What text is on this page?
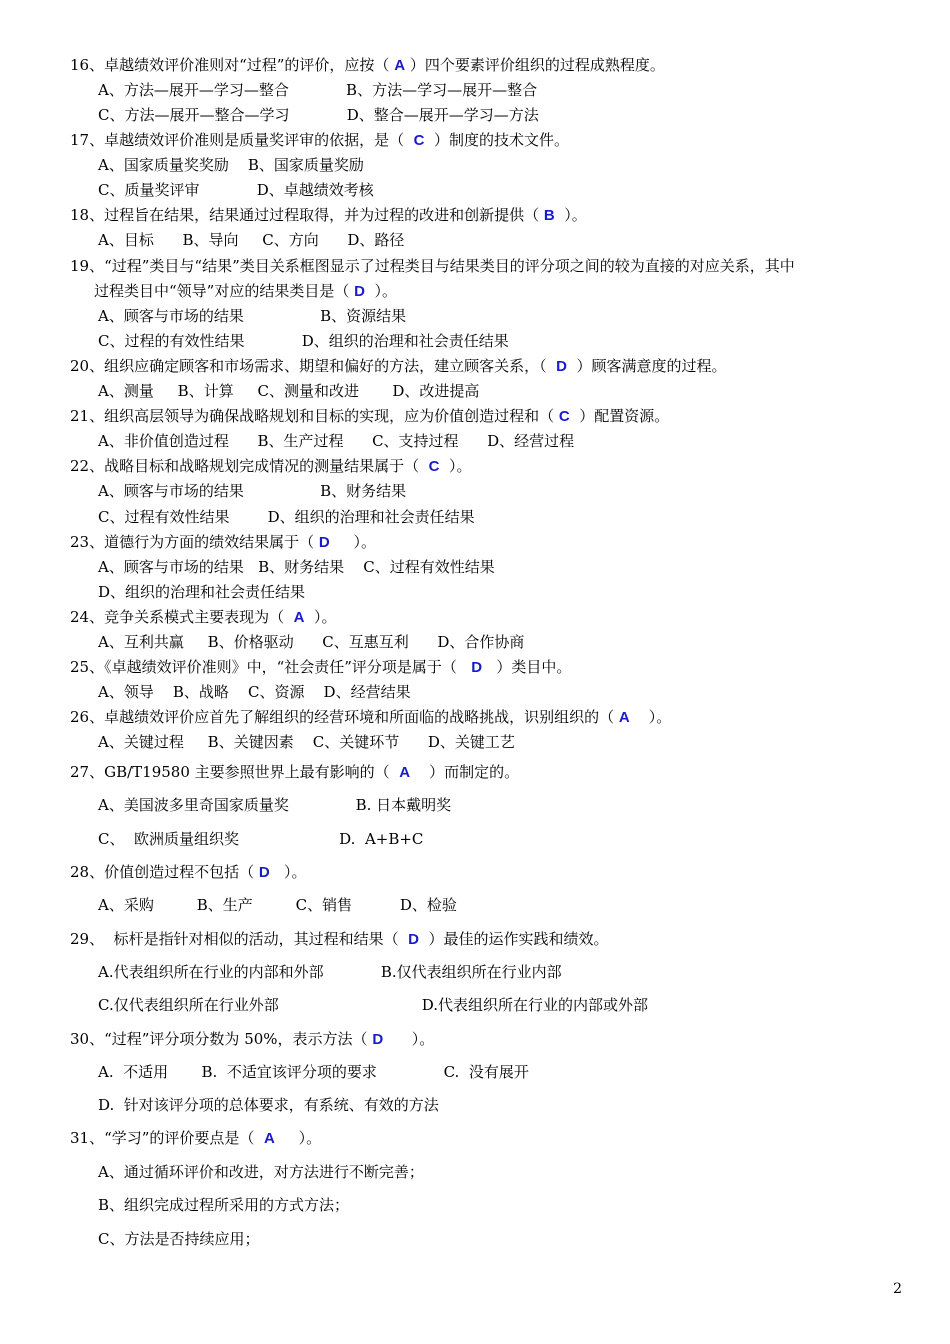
16、卓越绩效评价准则对“过程”的评价，应按（ A ）四个要素评价组织的过程成熟程度。
A、方法—展开—学习—整合            B、方法—学习—展开—整合
C、方法—展开—整合—学习            D、整合—展开—学习—方法
17、卓越绩效评价准则是质量奖评审的依据，是（  C  ）制度的技术文件。
A、国家质量奖奖励    B、国家质量奖励
C、质量奖评审            D、卓越绩效考核
18、过程旨在结果，结果通过过程取得，并为过程的改进和创新提供（ B  ）。
A、目标      B、导向     C、方向      D、路径
19、“过程”类目与“结果”类目关系框图显示了过程类目与结果类目的评分项之间的较为直接的对应关系，其中
过程类目中“领导”对应的结果类目是（ D  ）。
A、顾客与市场的结果                B、资源结果
C、过程的有效性结果            D、组织的治理和社会责任结果
20、组织应确定顾客和市场需求、期望和偏好的方法，建立顾客关系，（  D  ）顾客满意度的过程。
A、测量     B、计算     C、测量和改进       D、改进提高
21、组织高层领导为确保战略规划和目标的实现，应为价值创造过程和（ C  ）配置资源。
A、非价值创造过程      B、生产过程      C、支持过程      D、经营过程
22、战略目标和战略规划完成情况的测量结果属于（  C  ）。
A、顾客与市场的结果                B、财务结果
C、过程有效性结果        D、组织的治理和社会责任结果
23、道德行为方面的绩效结果属于（ D     ）。
A、顾客与市场的结果   B、财务结果    C、过程有效性结果
D、组织的治理和社会责任结果
24、竞争关系模式主要表现为（  A  ）。
A、互利共赢     B、价格驱动      C、互惠互利      D、合作协商
25、《卓越绩效评价准则》中，“社会责任”评分项是属于（   D   ）类目中。
A、领导    B、战略    C、资源    D、经营结果
26、卓越绩效评价应首先了解组织的经营环境和所面临的战略挑战，识别组织的（ A    ）。
A、关键过程     B、关键因素    C、关键环节      D、关键工艺
27、GB/T19580 主要参照世界上最有影响的（  A    ）而制定的。
A、美国波多里奇国家质量奖              B. 日本戴明奖
C、  欧洲质量组织奖                     D.  A+B+C
28、价值创造过程不包括（ D   ）。
A、采购         B、生产         C、销售          D、检验
29、  标杆是指针对相似的活动，其过程和结果（  D  ）最佳的运作实践和绩效。
A.代表组织所在行业的内部和外部            B.仅代表组织所在行业内部
C.仅代表组织所在行业外部                              D.代表组织所在行业的内部或外部
30、“过程”评分项分数为 50%，表示方法（ D      ）。
A.  不适用       B.  不适宜该评分项的要求              C.  没有展开
D.  针对该评分项的总体要求，有系统、有效的方法
31、“学习”的评价要点是（  A     ）。
A、通过循环评价和改进，对方法进行不断完善；
B、组织完成过程所采用的方式方法；
C、方法是否持续应用；
2
